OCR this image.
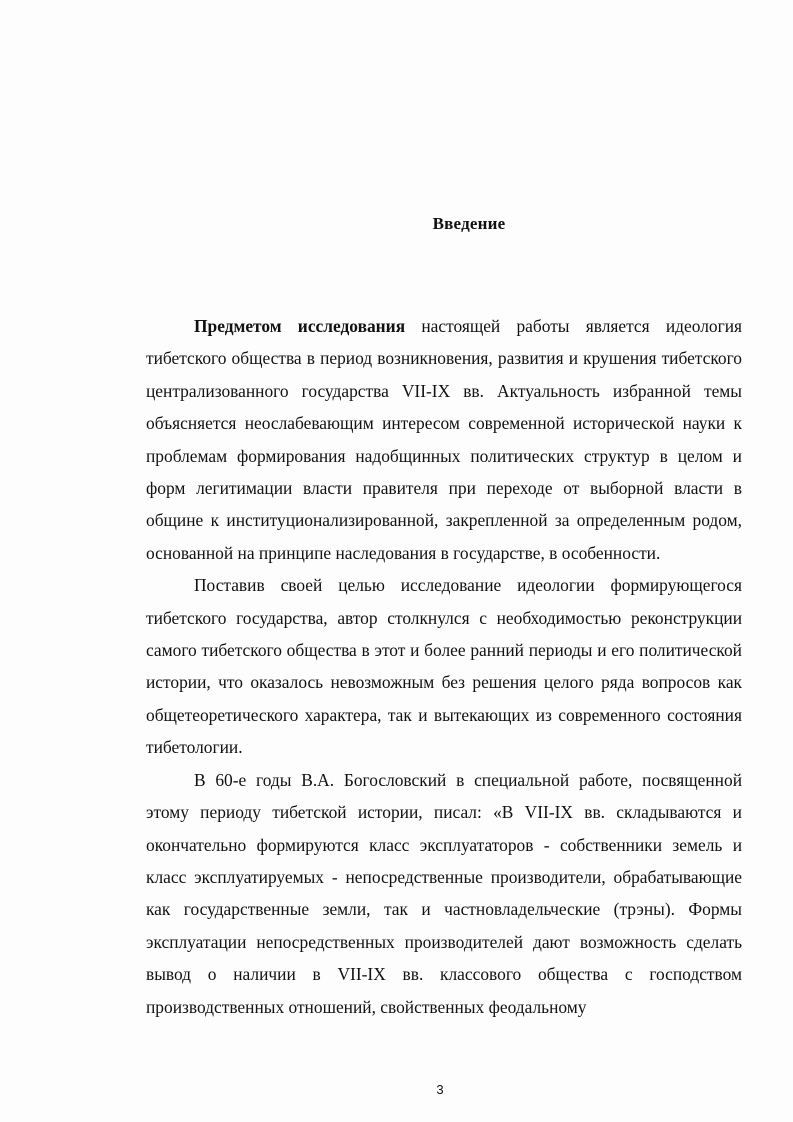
Введение

Предметом исследования настоящей работы является идеология тибетского общества в период возникновения, развития и крушения тибетского централизованного государства VII-IX вв. Актуальность избранной темы объясняется неослабевающим интересом современной исторической науки к проблемам формирования надобщинных политических структур в целом и форм легитимации власти правителя при переходе от выборной власти в общине к институционализированной, закрепленной за определенным родом, основанной на принципе наследования в государстве, в особенности.

Поставив своей целью исследование идеологии формирующегося тибетского государства, автор столкнулся с необходимостью реконструкции самого тибетского общества в этот и более ранний периоды и его политической истории, что оказалось невозможным без решения целого ряда вопросов как общетеоретического характера, так и вытекающих из современного состояния тибетологии.

В 60-е годы В.А. Богословский в специальной работе, посвященной этому периоду тибетской истории, писал: «В VII-IX вв. складываются и окончательно формируются класс эксплуататоров - собственники земель и класс эксплуатируемых - непосредственные производители, обрабатывающие как государственные земли, так и частновладельческие (трэны). Формы эксплуатации непосредственных производителей дают возможность сделать вывод о наличии в VII-IX вв. классового общества с господством производственных отношений, свойственных феодальному

3
